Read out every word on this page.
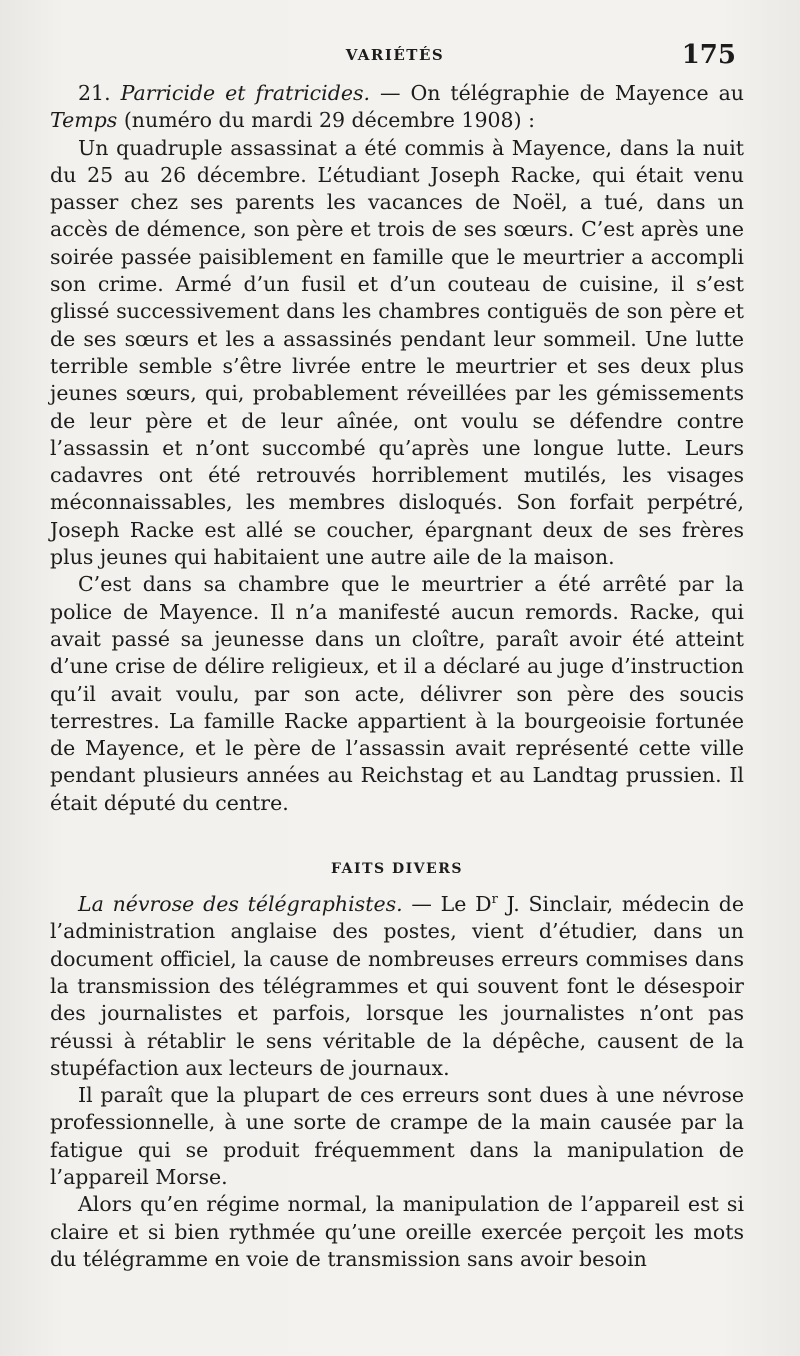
VARIÉTÉS	175

21. Parricide et fratricides. — On télégraphie de Mayence au Temps (numéro du mardi 29 décembre 1908) :

Un quadruple assassinat a été commis à Mayence, dans la nuit du 25 au 26 décembre. L’étudiant Joseph Racke, qui était venu passer chez ses parents les vacances de Noël, a tué, dans un accès de démence, son père et trois de ses sœurs. C’est après une soirée passée paisiblement en famille que le meurtrier a accompli son crime. Armé d’un fusil et d’un couteau de cuisine, il s’est glissé successivement dans les chambres contiguës de son père et de ses sœurs et les a assassinés pendant leur sommeil. Une lutte terrible semble s’être livrée entre le meurtrier et ses deux plus jeunes sœurs, qui, probablement réveillées par les gémissements de leur père et de leur aînée, ont voulu se défendre contre l’assassin et n’ont succombé qu’après une longue lutte. Leurs cadavres ont été retrouvés horriblement mutilés, les visages méconnaissables, les membres disloqués. Son forfait perpétré, Joseph Racke est allé se coucher, épargnant deux de ses frères plus jeunes qui habitaient une autre aile de la maison.

C’est dans sa chambre que le meurtrier a été arrêté par la police de Mayence. Il n’a manifesté aucun remords. Racke, qui avait passé sa jeunesse dans un cloître, paraît avoir été atteint d’une crise de délire religieux, et il a déclaré au juge d’instruction qu’il avait voulu, par son acte, délivrer son père des soucis terrestres. La famille Racke appartient à la bourgeoisie fortunée de Mayence, et le père de l’assassin avait représenté cette ville pendant plusieurs années au Reichstag et au Landtag prussien. Il était député du centre.

FAITS DIVERS

La névrose des télégraphistes. — Le $D^r$ J. Sinclair, médecin de l’administration anglaise des postes, vient d’étudier, dans un document officiel, la cause de nombreuses erreurs commises dans la transmission des télégrammes et qui souvent font le désespoir des journalistes et parfois, lorsque les journalistes n’ont pas réussi à rétablir le sens véritable de la dépêche, causent de la stupéfaction aux lecteurs de journaux.

Il paraît que la plupart de ces erreurs sont dues à une névrose professionnelle, à une sorte de crampe de la main causée par la fatigue qui se produit fréquemment dans la manipulation de l’appareil Morse.

Alors qu’en régime normal, la manipulation de l’appareil est si claire et si bien rythmée qu’une oreille exercée perçoit les mots du télégramme en voie de transmission sans avoir besoin
